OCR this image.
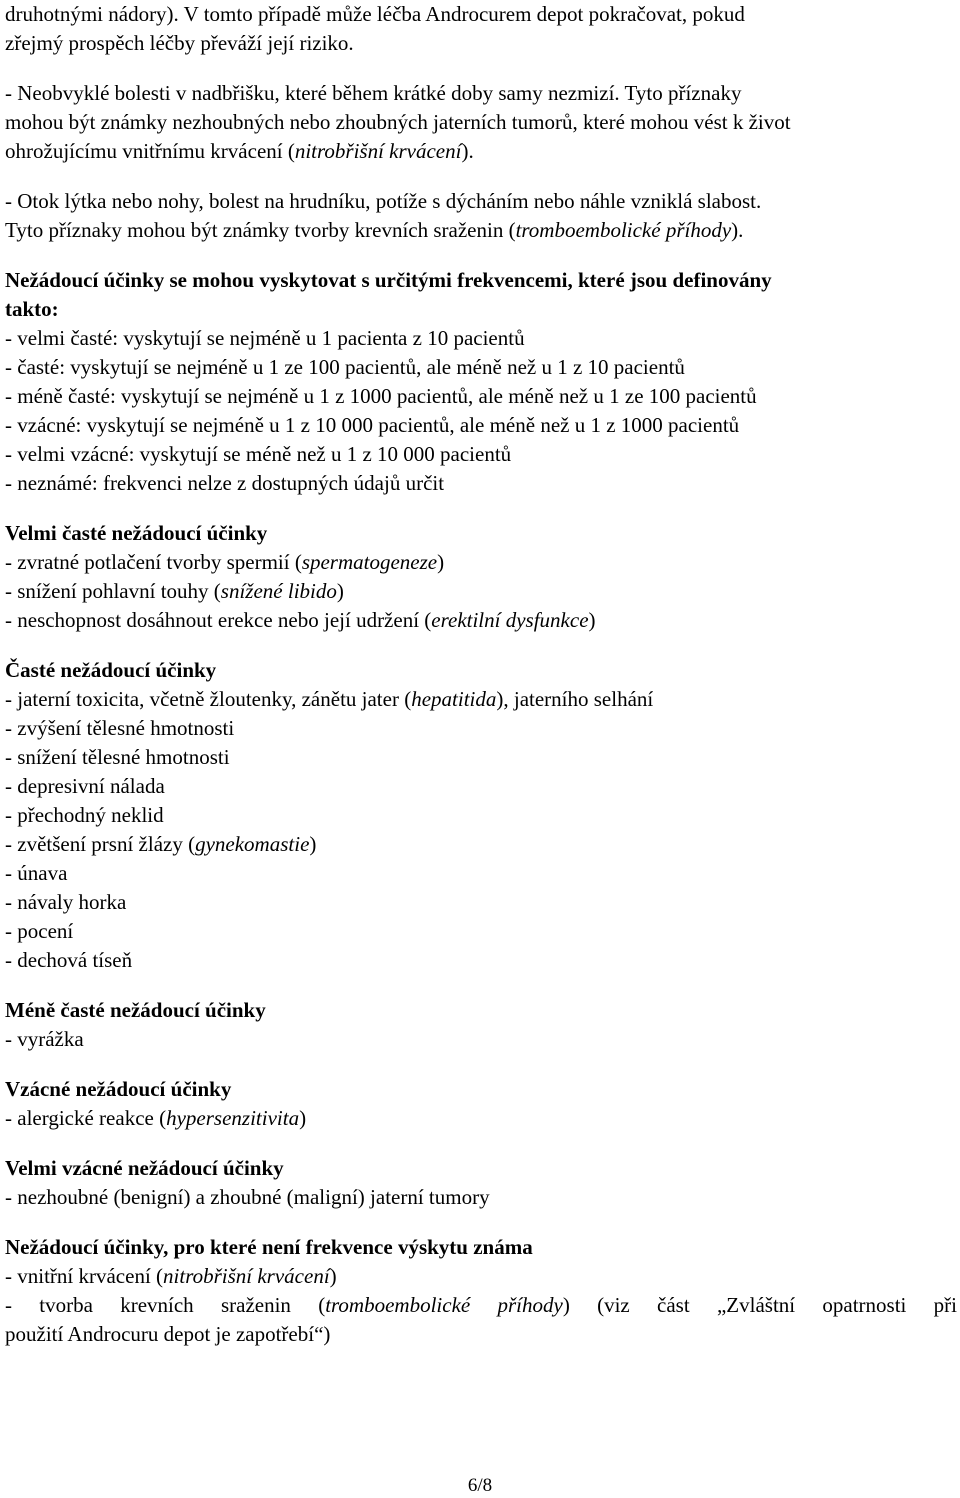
druhotnými nádory). V tomto případě může léčba Androcurem depot pokračovat, pokud
zřejmý prospěch léčby převáží její riziko.
- Neobvyklé bolesti v nadbřišku, které během krátké doby samy nezmizí. Tyto příznaky
mohou být známky nezhoubných nebo zhoubných jaterních tumorů, které mohou vést k život
ohrožujícímu vnitřnímu krvácení (nitrobřišní krvácení).
- Otok lýtka nebo nohy, bolest na hrudníku, potíže s dýcháním nebo náhle vzniklá slabost.
Tyto příznaky mohou být známky tvorby krevních sraženin (tromboembolické příhody).
Nežádoucí účinky se mohou vyskytovat s určitými frekvencemi, které jsou definovány
takto:
- velmi časté: vyskytují se nejméně u 1 pacienta z 10 pacientů
- časté: vyskytují se nejméně u 1 ze 100 pacientů, ale méně než u 1 z 10 pacientů
- méně časté: vyskytují se nejméně u 1 z 1000 pacientů, ale méně než u 1 ze 100 pacientů
- vzácné: vyskytují se nejméně u 1 z 10 000 pacientů, ale méně než u 1 z 1000 pacientů
- velmi vzácné: vyskytují se méně než u 1 z 10 000 pacientů
- neznámé: frekvenci nelze z dostupných údajů určit
Velmi časté nežádoucí účinky
- zvratné potlačení tvorby spermií (spermatogeneze)
- snížení pohlavní touhy (snížené libido)
- neschopnost dosáhnout erekce nebo její udržení (erektilní dysfunkce)
Časté nežádoucí účinky
- jaterní toxicita, včetně žloutenky, zánětu jater (hepatitida), jaterního selhání
- zvýšení tělesné hmotnosti
- snížení tělesné hmotnosti
- depresivní nálada
- přechodný neklid
- zvětšení prsní žlázy (gynekomastie)
- únava
- návaly horka
- pocení
- dechová tíseň
Méně časté nežádoucí účinky
- vyrážka
Vzácné nežádoucí účinky
- alergické reakce (hypersenzitivita)
Velmi vzácné nežádoucí účinky
- nezhoubné (benigní) a zhoubné (maligní) jaterní tumory
Nežádoucí účinky, pro které není frekvence výskytu známa
- vnitřní krvácení (nitrobřišní krvácení)
- tvorba krevních sraženin (tromboembolické příhody) (viz část „Zvláštní opatrnosti při
použití Androcuru depot je zapotřebí“)
6/8
